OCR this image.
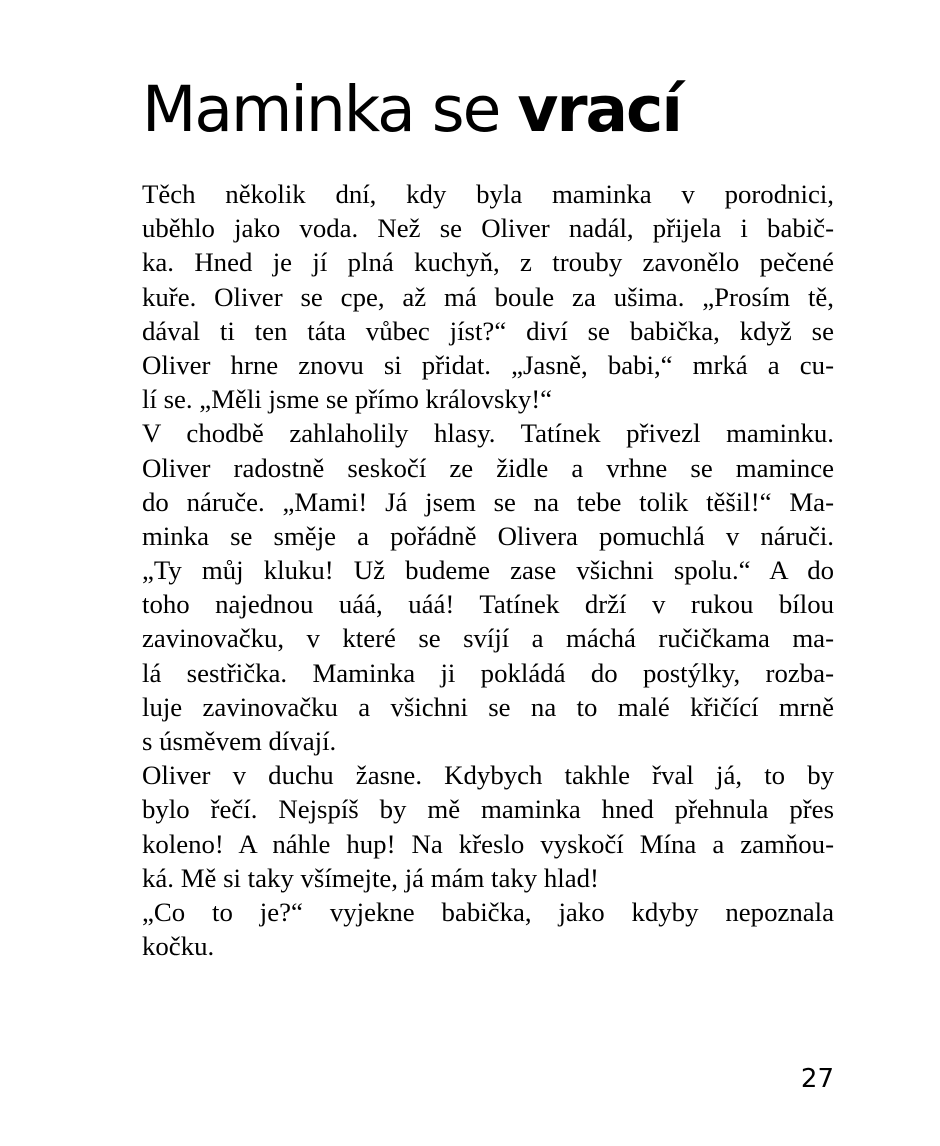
Maminka se vrací
Těch několik dní, kdy byla maminka v porodnici,
uběhlo jako voda. Než se Oliver nadál, přijela i babič-
ka. Hned je jí plná kuchyň, z trouby zavonělo pečené
kuře. Oliver se cpe, až má boule za ušima. „Prosím tě,
dával ti ten táta vůbec jíst?“ diví se babička, když se
Oliver hrne znovu si přidat. „Jasně, babi,“ mrká a cu-
lí se. „Měli jsme se přímo královsky!“
V chodbě zahlaholily hlasy. Tatínek přivezl maminku.
Oliver radostně seskočí ze židle a vrhne se mamince
do náruče. „Mami! Já jsem se na tebe tolik těšil!“ Ma-
minka se směje a pořádně Olivera pomuchlá v náruči.
„Ty můj kluku! Už budeme zase všichni spolu.“ A do
toho najednou uáá, uáá! Tatínek drží v rukou bílou
zavinovačku, v které se svíjí a máchá ručičkama ma-
lá sestřička. Maminka ji pokládá do postýlky, rozba-
luje zavinovačku a všichni se na to malé křičící mrně
s úsměvem dívají.
Oliver v duchu žasne. Kdybych takhle řval já, to by
bylo řečí. Nejspíš by mě maminka hned přehnula přes
koleno! A náhle hup! Na křeslo vyskočí Mína a zamňou-
ká. Mě si taky všímejte, já mám taky hlad!
„Co to je?“ vyjekne babička, jako kdyby nepoznala
kočku.
27
